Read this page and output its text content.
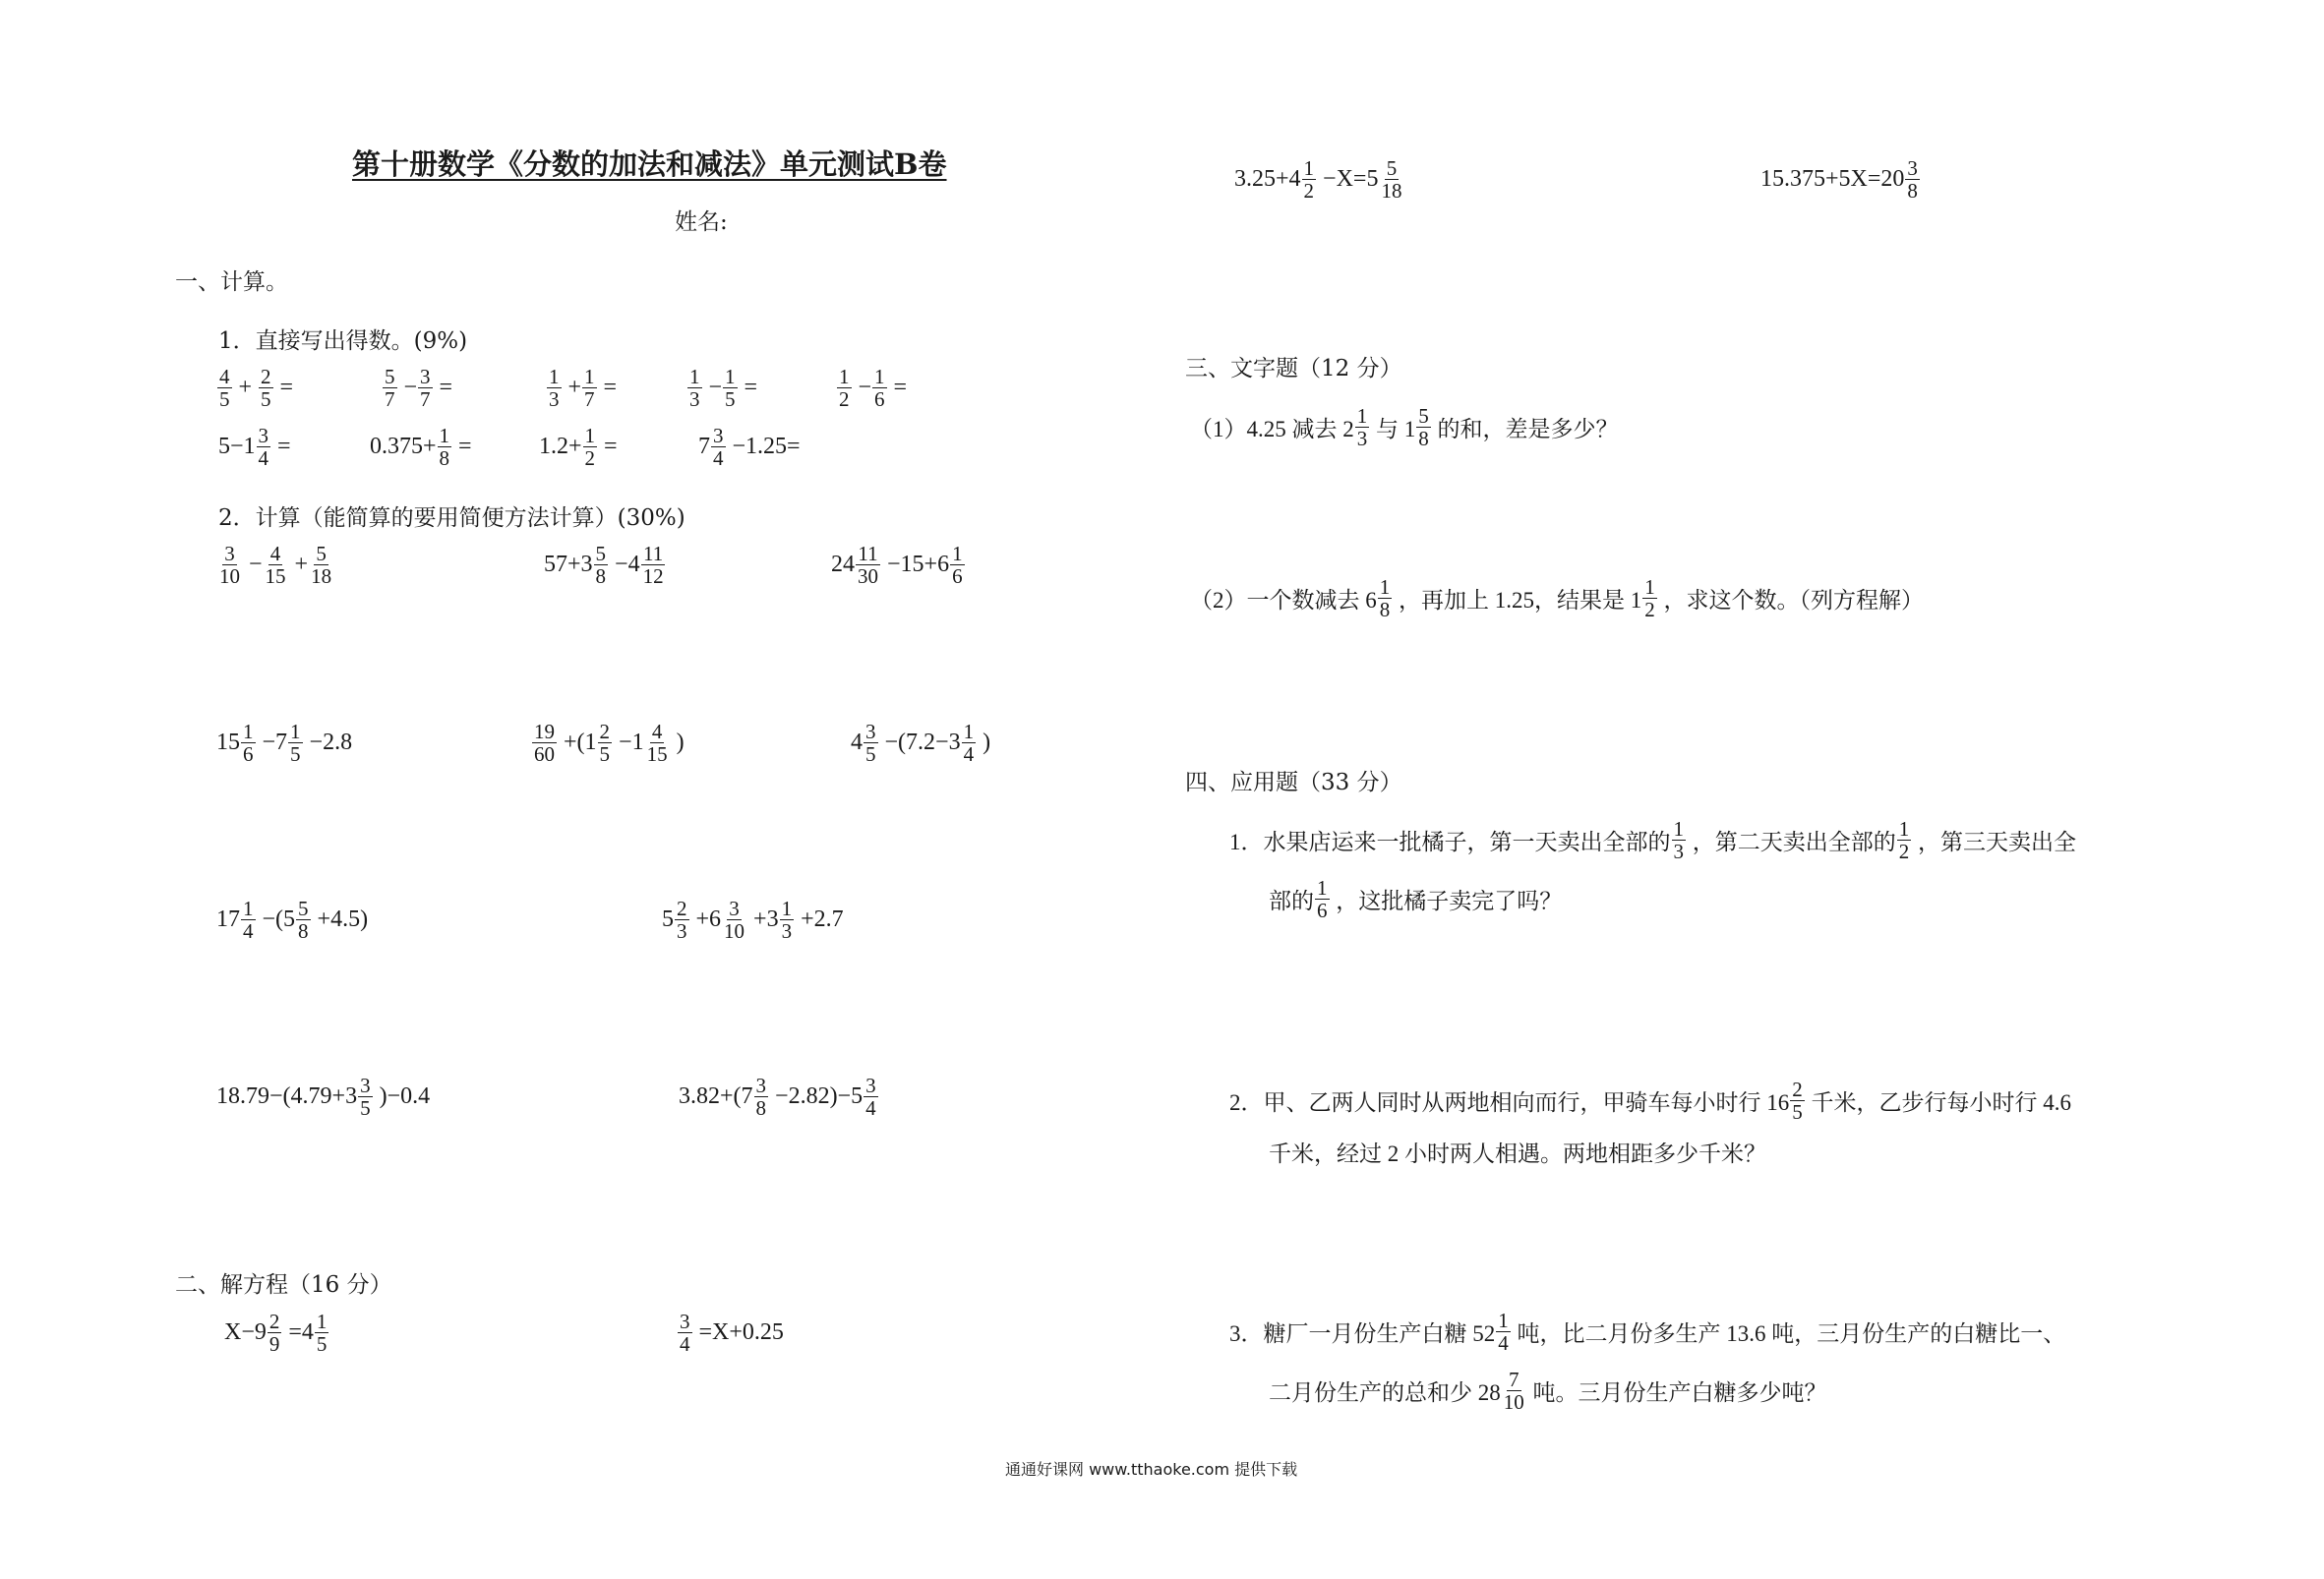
第十册数学《分数的加法和减法》单元测试B卷
姓名:
一、计算。
1．直接写出得数。(9%)
$\frac{4}{5} + \frac{2}{5}$ =	$\frac{5}{7} - \frac{3}{7}$ =	$\frac{1}{3} + \frac{1}{7}$ =	$\frac{1}{3} - \frac{1}{5}$ =	$\frac{1}{2} - \frac{1}{6}$ =
$5-1 \frac{3}{4}$ =	$0.375+ \frac{1}{8}$ =	$1.2+ \frac{1}{2}$ =	$7 \frac{3}{4} -1.25=$
2．计算（能简算的要用简便方法计算）(30%)
$\frac{3}{10} - \frac{4}{15} + \frac{5}{18}$	$57+3 \frac{5}{8} -4 \frac{11}{12}$	$24 \frac{11}{30} -15+6 \frac{1}{6}$
$15 \frac{1}{6} -7 \frac{1}{5} -2.8$	$\frac{19}{60} +(1 \frac{2}{5} -1 \frac{4}{15}$ )	$4 \frac{3}{5} -(7.2-3 \frac{1}{4}$ )
$17 \frac{1}{4} -(5 \frac{5}{8} +4.5)$	$5 \frac{2}{3} +6 \frac{3}{10} +3 \frac{1}{3} +2.7$
$18.79-(4.79+3 \frac{3}{5} )-0.4$	$3.82+(7 \frac{3}{8} -2.82)-5 \frac{3}{4}$
二、解方程（16 分）
$X-9 \frac{2}{9} =4 \frac{1}{5}$	$\frac{3}{4} =X+0.25$
$3.25+4 \frac{1}{2} -X=5 \frac{5}{18}$	$15.375+5X=20 \frac{3}{8}$
三、文字题（12 分）
（1）4.25 减去 $2 \frac{1}{3}$ 与 $1 \frac{5}{8}$ 的和，差是多少？
（2）一个数减去 $6 \frac{1}{8}$ ，再加上 1.25，结果是 $1 \frac{1}{2}$ ，求这个数。（列方程解）
四、应用题（33 分）
1．水果店运来一批橘子，第一天卖出全部的 $\frac{1}{3}$ ，第二天卖出全部的 $\frac{1}{2}$ ，第三天卖出全
部的 $\frac{1}{6}$ ，这批橘子卖完了吗？
2．甲、乙两人同时从两地相向而行，甲骑车每小时行 $16 \frac{2}{5}$ 千米，乙步行每小时行 4.6
千米，经过 2 小时两人相遇。两地相距多少千米？
3．糖厂一月份生产白糖 $52 \frac{1}{4}$ 吨，比二月份多生产 13.6 吨，三月份生产的白糖比一、
二月份生产的总和少 $28 \frac{7}{10}$ 吨。三月份生产白糖多少吨？
通通好课网 www.tthaoke.com 提供下载
